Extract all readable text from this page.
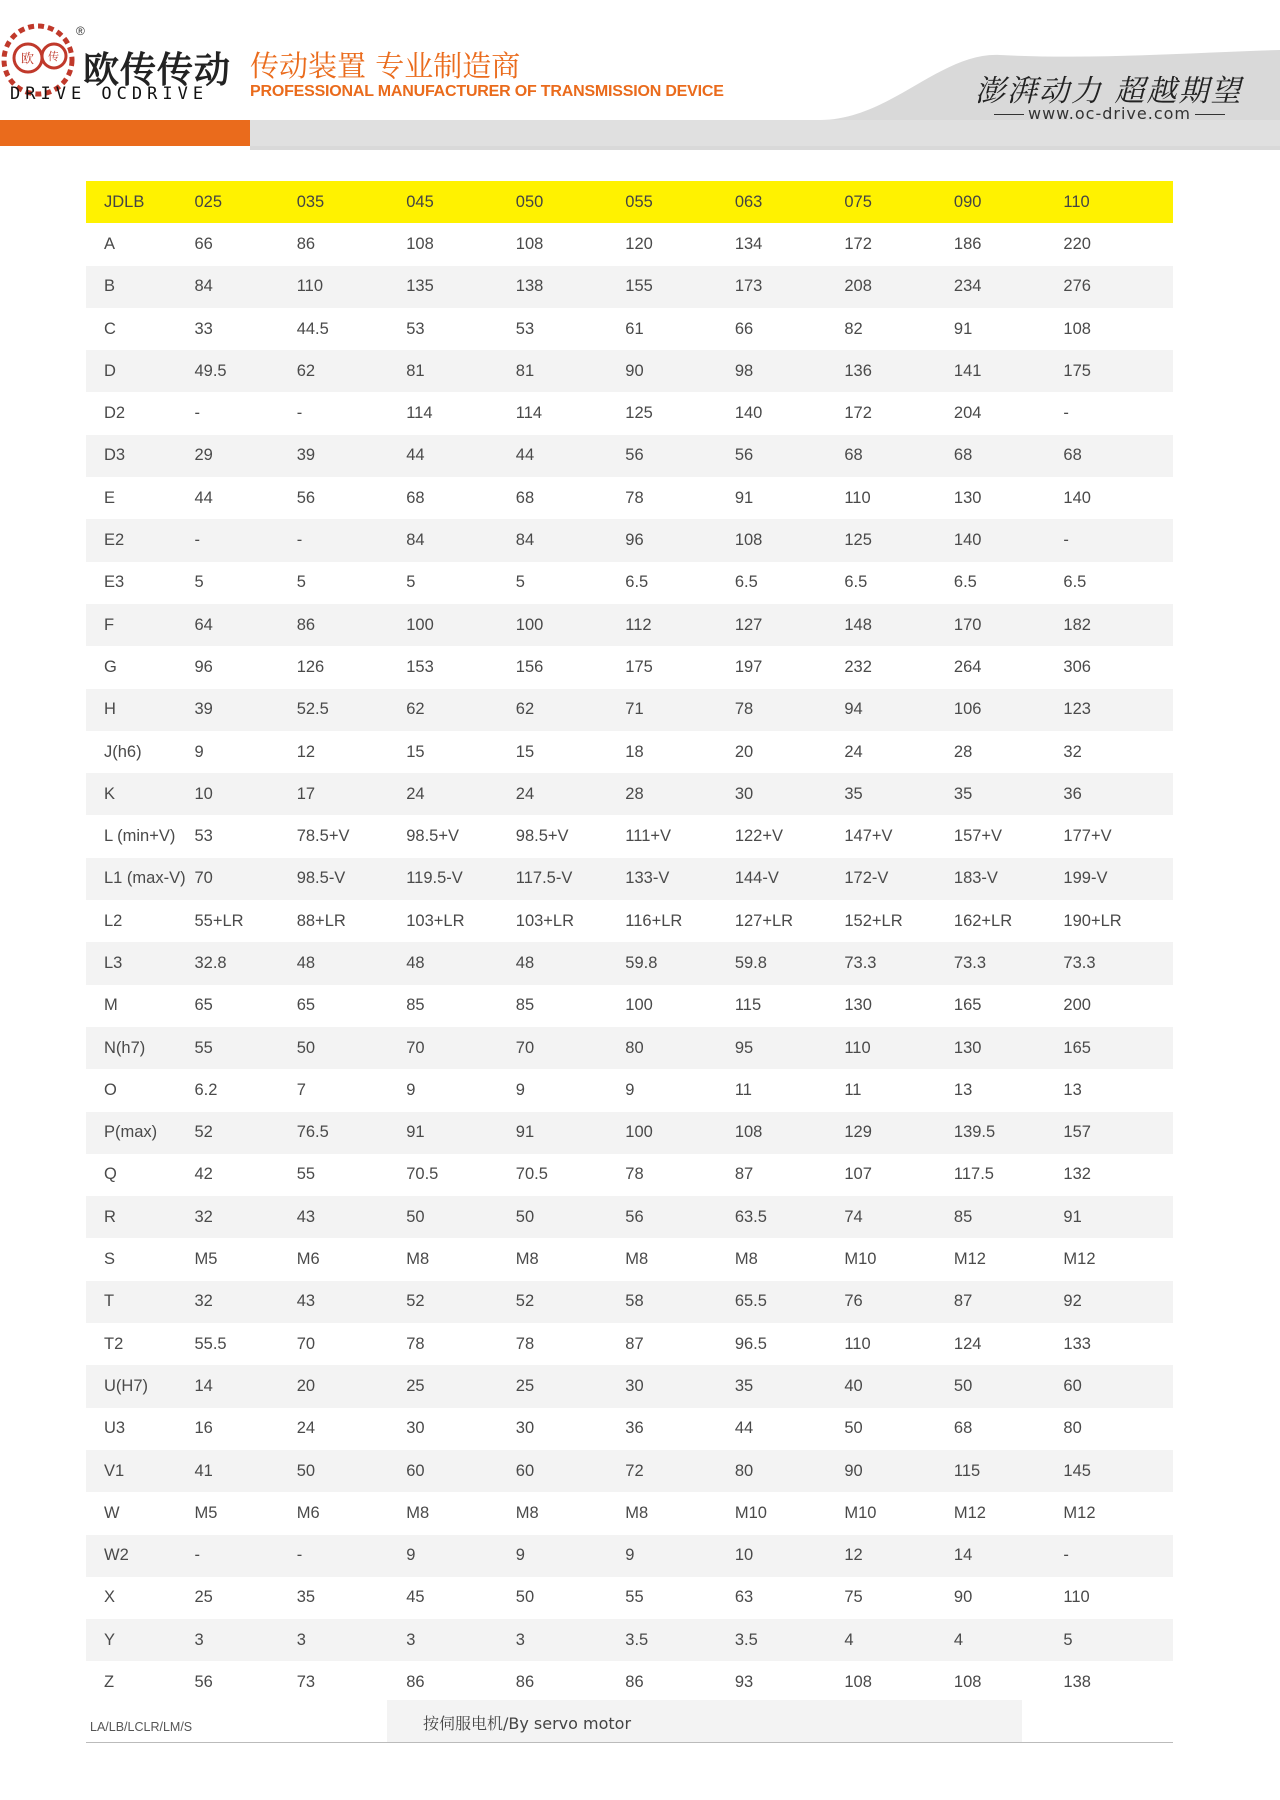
欧 传
®
欧传传动
DRIVE OCDRIVE
传动装置 专业制造商
PROFESSIONAL MANUFACTURER OF TRANSMISSION DEVICE	澎湃动力 超越期望
www.oc-drive.com
JDLB	025	035	045	050	055	063	075	090	110
A	66	86	108	108	120	134	172	186	220
B	84	110	135	138	155	173	208	234	276
C	33	44.5	53	53	61	66	82	91	108
D	49.5	62	81	81	90	98	136	141	175
D2	-	-	114	114	125	140	172	204	-
D3	29	39	44	44	56	56	68	68	68
E	44	56	68	68	78	91	110	130	140
E2	-	-	84	84	96	108	125	140	-
E3	5	5	5	5	6.5	6.5	6.5	6.5	6.5
F	64	86	100	100	112	127	148	170	182
G	96	126	153	156	175	197	232	264	306
H	39	52.5	62	62	71	78	94	106	123
J(h6)	9	12	15	15	18	20	24	28	32
K	10	17	24	24	28	30	35	35	36
L (min+V)	53	78.5+V	98.5+V	98.5+V	111+V	122+V	147+V	157+V	177+V
L1 (max-V)	70	98.5-V	119.5-V	117.5-V	133-V	144-V	172-V	183-V	199-V
L2	55+LR	88+LR	103+LR	103+LR	116+LR	127+LR	152+LR	162+LR	190+LR
L3	32.8	48	48	48	59.8	59.8	73.3	73.3	73.3
M	65	65	85	85	100	115	130	165	200
N(h7)	55	50	70	70	80	95	110	130	165
O	6.2	7	9	9	9	11	11	13	13
P(max)	52	76.5	91	91	100	108	129	139.5	157
Q	42	55	70.5	70.5	78	87	107	117.5	132
R	32	43	50	50	56	63.5	74	85	91
S	M5	M6	M8	M8	M8	M8	M10	M12	M12
T	32	43	52	52	58	65.5	76	87	92
T2	55.5	70	78	78	87	96.5	110	124	133
U(H7)	14	20	25	25	30	35	40	50	60
U3	16	24	30	30	36	44	50	68	80
V1	41	50	60	60	72	80	90	115	145
W	M5	M6	M8	M8	M8	M10	M10	M12	M12
W2	-	-	9	9	9	10	12	14	-
X	25	35	45	50	55	63	75	90	110
Y	3	3	3	3	3.5	3.5	4	4	5
Z	56	73	86	86	86	93	108	108	138
LA/LB/LCLR/LM/S	按伺服电机/By servo motor
